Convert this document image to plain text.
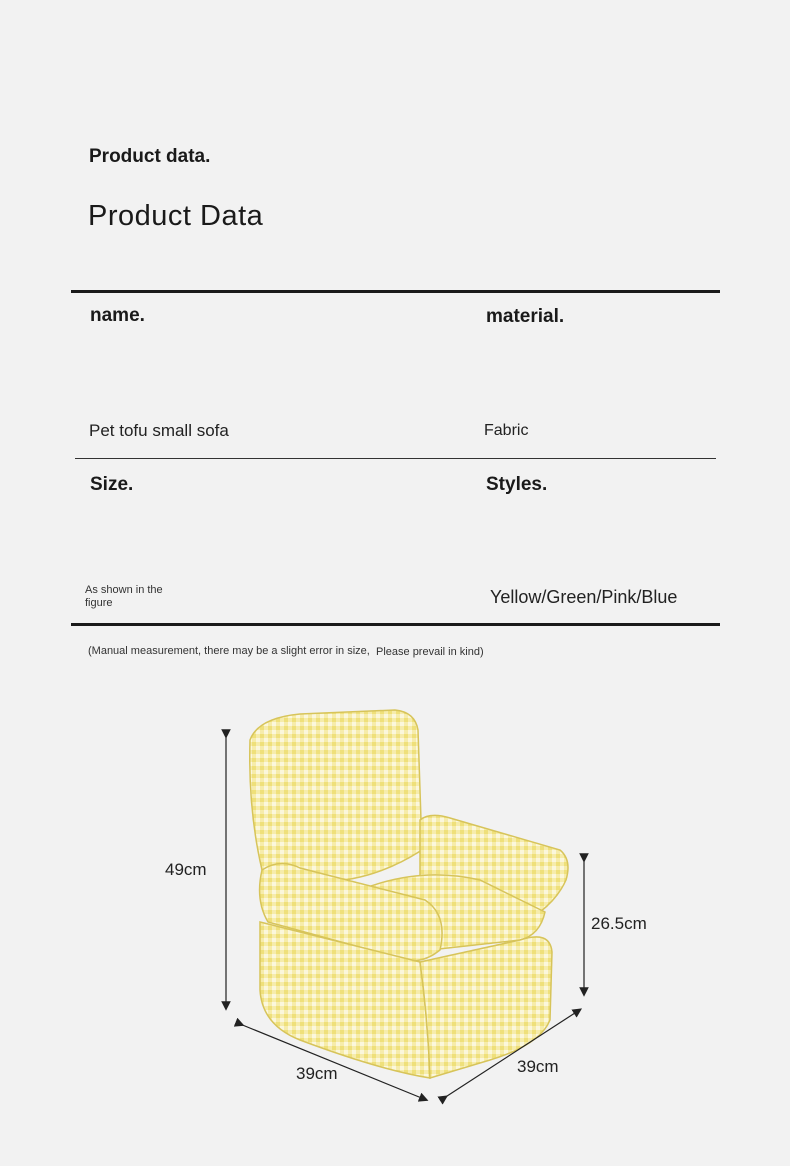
Product data.
Product Data
name.	material.
Pet tofu small sofa	Fabric
Size.	Styles.
As shown in the figure	Yellow/Green/Pink/Blue
(Manual measurement, there may be a slight error in size, Please prevail in kind)
49cm
26.5cm
39cm	39cm
